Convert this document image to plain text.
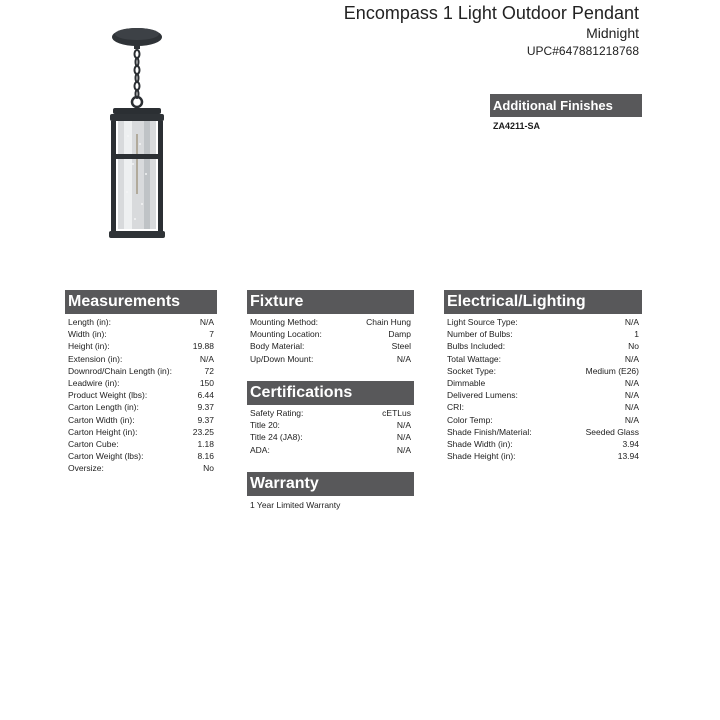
Encompass 1 Light Outdoor Pendant
Midnight
UPC#647881218768
Additional Finishes
ZA4211-SA
Measurements
Length (in):	N/A
Width (in):	7
Height (in):	19.88
Extension (in):	N/A
Downrod/Chain Length (in):	72
Leadwire (in):	150
Product Weight (lbs):	6.44
Carton Length (in):	9.37
Carton Width (in):	9.37
Carton Height (in):	23.25
Carton Cube:	1.18
Carton Weight (lbs):	8.16
Oversize:	No
Fixture
Mounting Method:	Chain Hung
Mounting Location:	Damp
Body Material:	Steel
Up/Down Mount:	N/A
Certifications
Safety Rating:	cETLus
Title 20:	N/A
Title 24 (JA8):	N/A
ADA:	N/A
Warranty
1 Year Limited Warranty
Electrical/Lighting
Light Source Type:	N/A
Number of Bulbs:	1
Bulbs Included:	No
Total Wattage:	N/A
Socket Type:	Medium (E26)
Dimmable	N/A
Delivered Lumens:	N/A
CRI:	N/A
Color Temp:	N/A
Shade Finish/Material:	Seeded Glass
Shade Width (in):	3.94
Shade Height (in):	13.94
